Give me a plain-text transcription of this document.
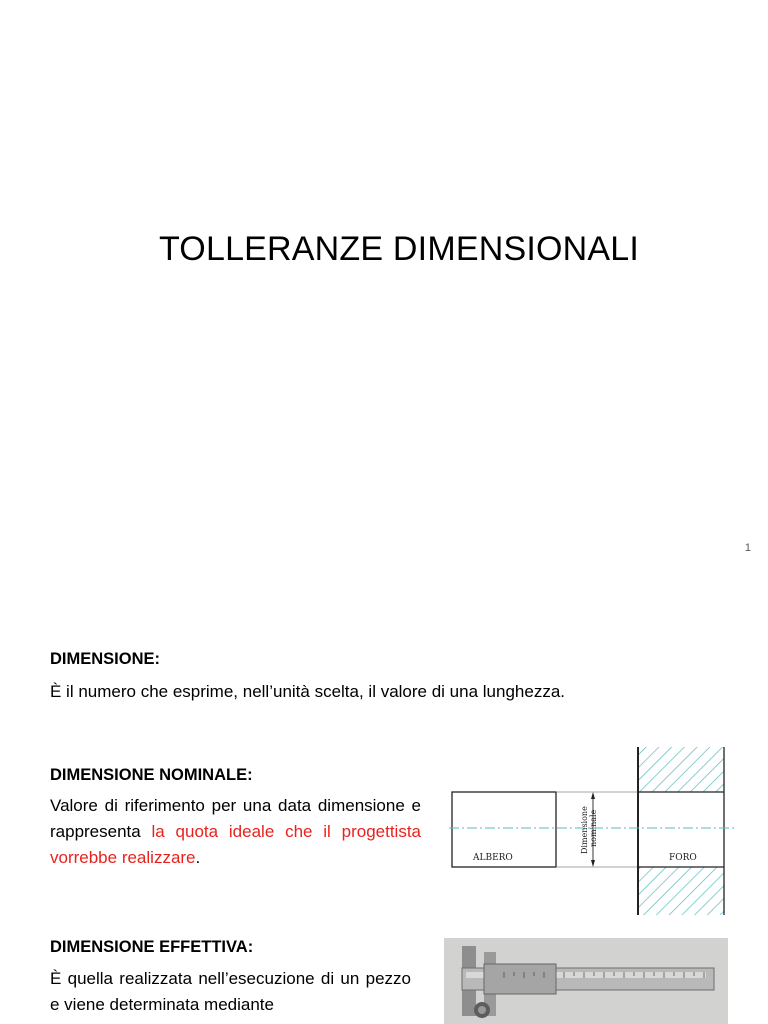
TOLLERANZE DIMENSIONALI
1
DIMENSIONE:
È il numero che esprime, nell’unità scelta, il valore di una lunghezza.
DIMENSIONE NOMINALE:
Valore di riferimento per una data dimensione e rappresenta la quota ideale che il progettista vorrebbe realizzare.	ALBERO
Dimensione nominale
FORO
DIMENSIONE EFFETTIVA:
È quella realizzata nell’esecuzione di un pezzo e viene determinata mediante
